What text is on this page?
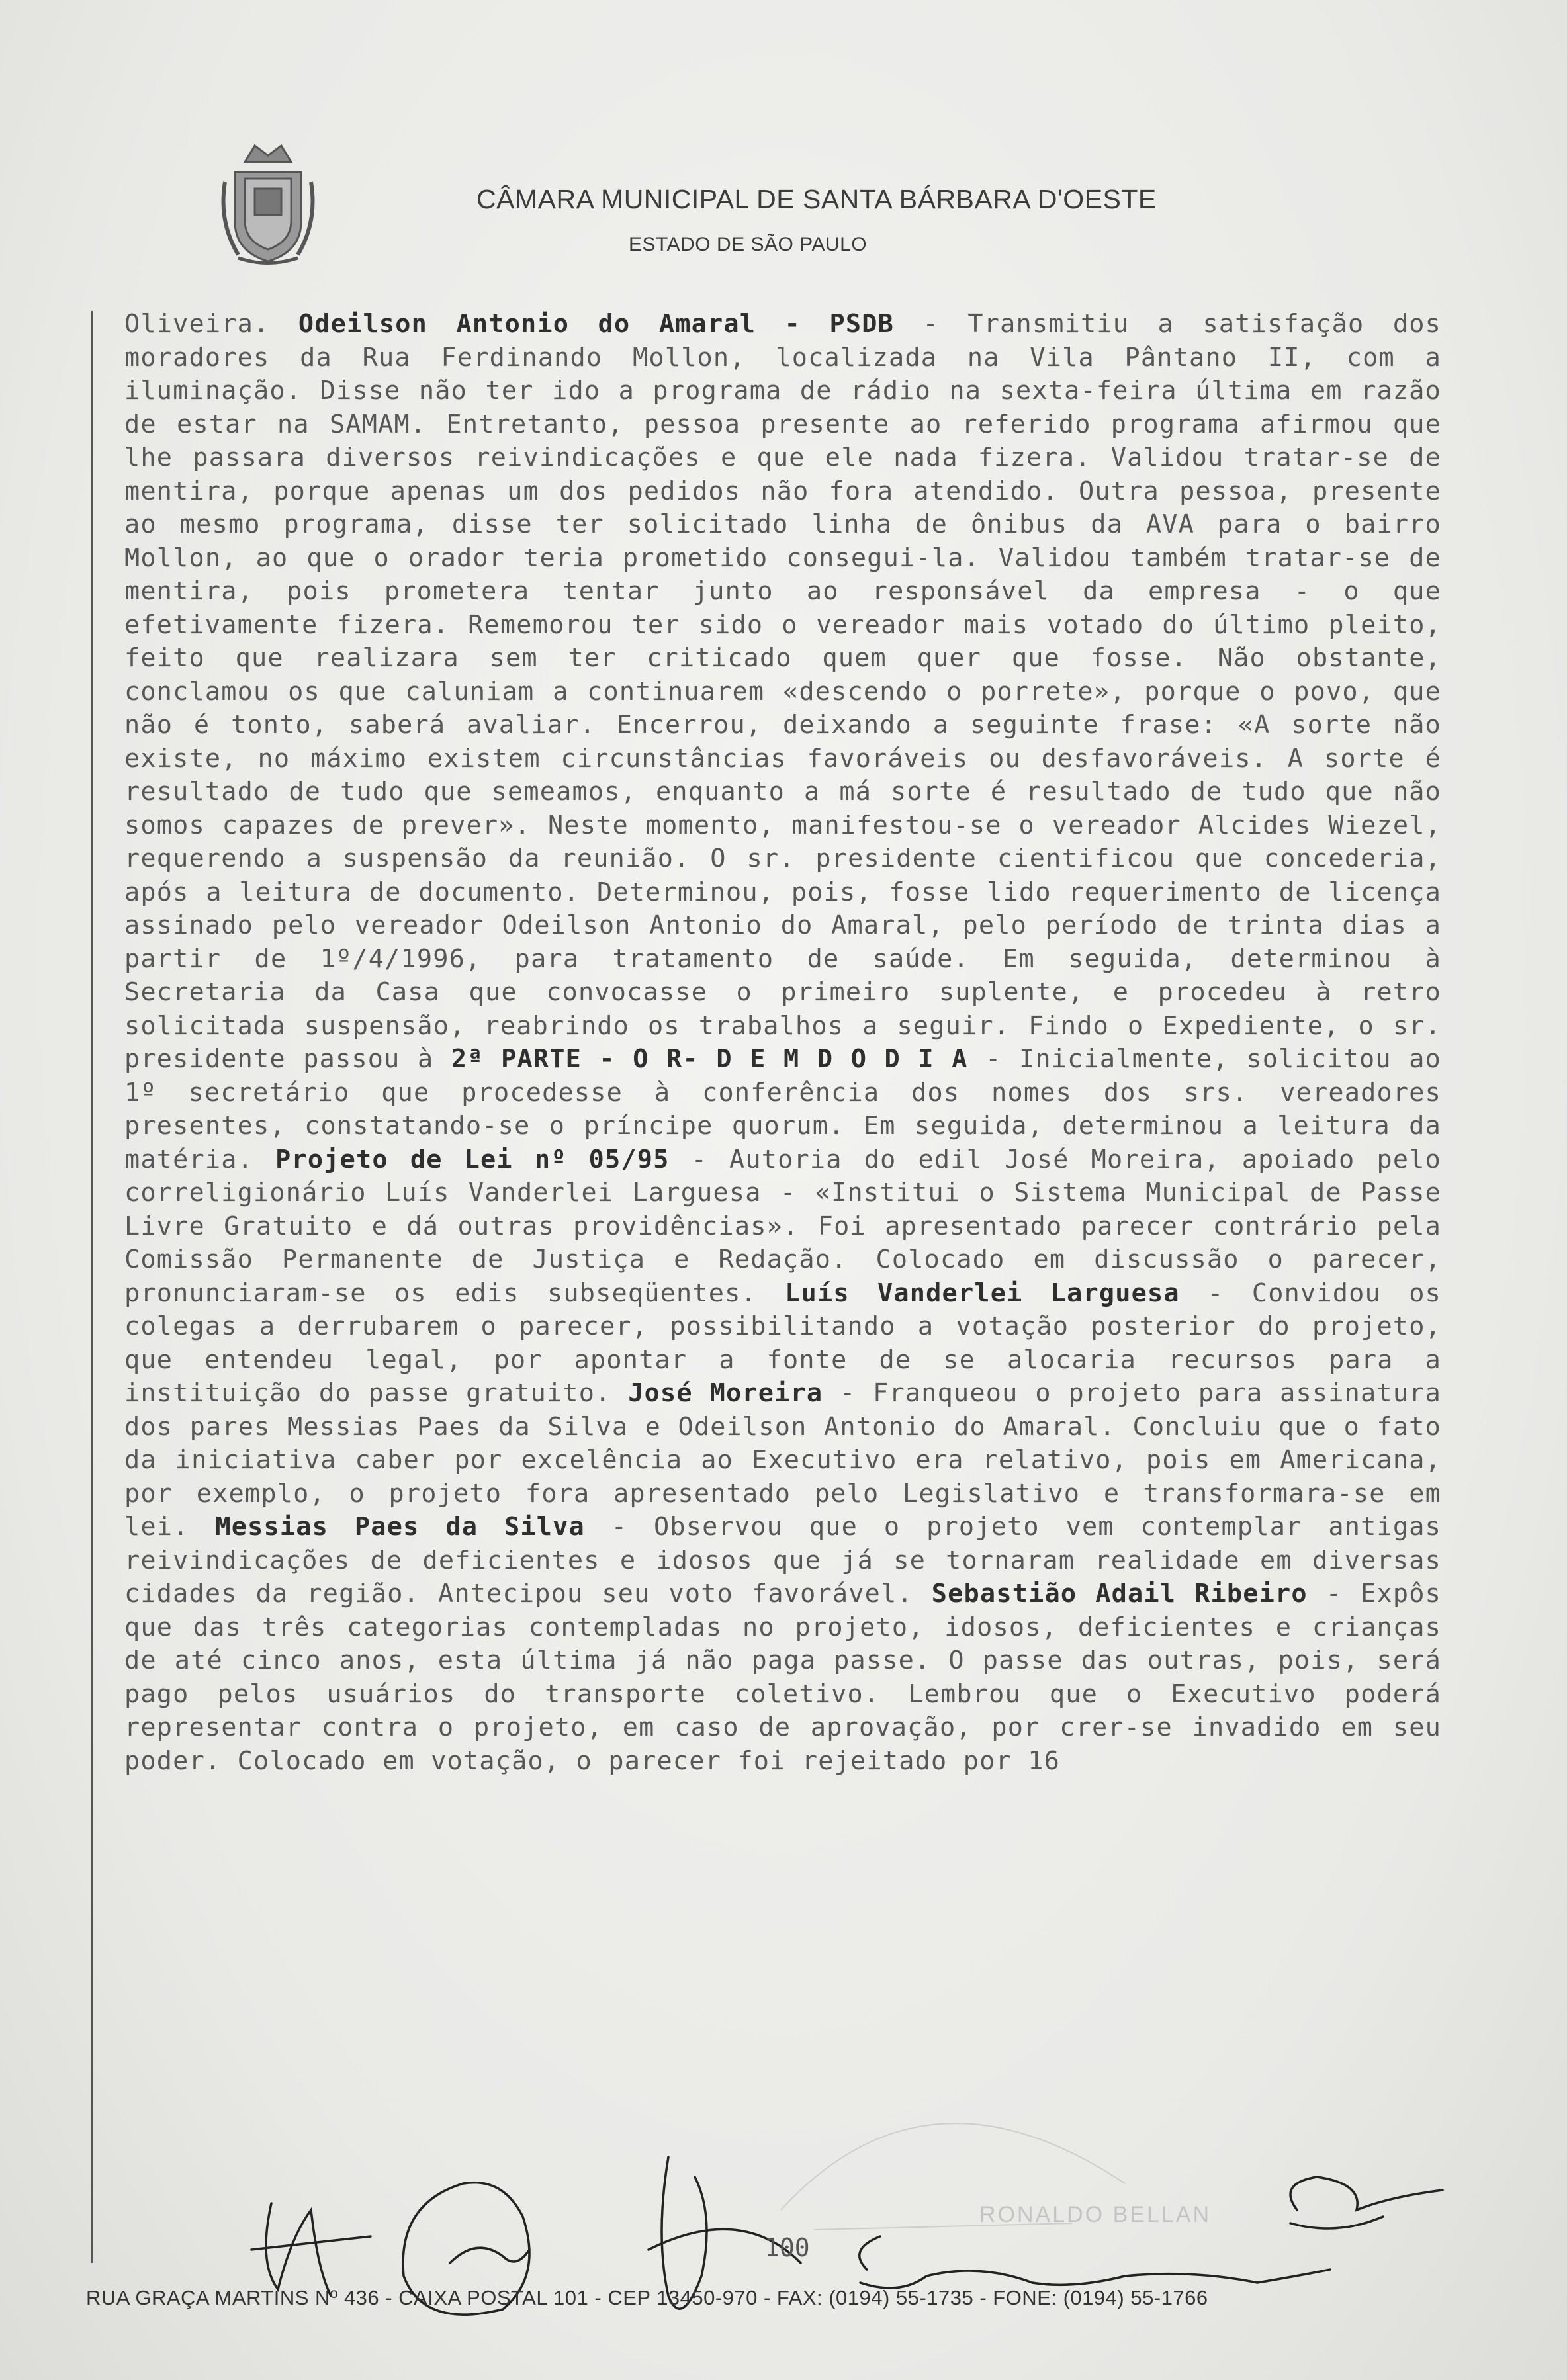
CÂMARA MUNICIPAL DE SANTA BÁRBARA D'OESTE
ESTADO DE SÃO PAULO
Oliveira. Odeilson Antonio do Amaral - PSDB - Transmitiu a satisfação dos moradores da Rua Ferdinando Mollon, localizada na Vila Pântano II, com a iluminação. Disse não ter ido a programa de rádio na sexta-feira última em razão de estar na SAMAM. Entretanto, pessoa presente ao referido programa afirmou que lhe passara diversos reivindicações e que ele nada fizera. Validou tratar-se de mentira, porque apenas um dos pedidos não fora atendido. Outra pessoa, presente ao mesmo programa, disse ter solicitado linha de ônibus da AVA para o bairro Mollon, ao que o orador teria prometido consegui-la. Validou também tratar-se de mentira, pois prometera tentar junto ao responsável da empresa - o que efetivamente fizera. Rememorou ter sido o vereador mais votado do último pleito, feito que realizara sem ter criticado quem quer que fosse. Não obstante, conclamou os que caluniam a continuarem «descendo o porrete», porque o povo, que não é tonto, saberá avaliar. Encerrou, deixando a seguinte frase: «A sorte não existe, no máximo existem circunstâncias favoráveis ou desfavoráveis. A sorte é resultado de tudo que semeamos, enquanto a má sorte é resultado de tudo que não somos capazes de prever». Neste momento, manifestou-se o vereador Alcides Wiezel, requerendo a suspensão da reunião. O sr. presidente cientificou que concederia, após a leitura de documento. Determinou, pois, fosse lido requerimento de licença assinado pelo vereador Odeilson Antonio do Amaral, pelo período de trinta dias a partir de 1º/4/1996, para tratamento de saúde. Em seguida, determinou à Secretaria da Casa que convocasse o primeiro suplente, e procedeu à retro solicitada suspensão, reabrindo os trabalhos a seguir. Findo o Expediente, o sr. presidente passou à 2ª PARTE - O R- D E M D O D I A - Inicialmente, solicitou ao 1º secretário que procedesse à conferência dos nomes dos srs. vereadores presentes, constatando-se o príncipe quorum. Em seguida, determinou a leitura da matéria. Projeto de Lei nº 05/95 - Autoria do edil José Moreira, apoiado pelo correligionário Luís Vanderlei Larguesa - «Institui o Sistema Municipal de Passe Livre Gratuito e dá outras providências». Foi apresentado parecer contrário pela Comissão Permanente de Justiça e Redação. Colocado em discussão o parecer, pronunciaram-se os edis subseqüentes. Luís Vanderlei Larguesa - Convidou os colegas a derrubarem o parecer, possibilitando a votação posterior do projeto, que entendeu legal, por apontar a fonte de se alocaria recursos para a instituição do passe gratuito. José Moreira - Franqueou o projeto para assinatura dos pares Messias Paes da Silva e Odeilson Antonio do Amaral. Concluiu que o fato da iniciativa caber por excelência ao Executivo era relativo, pois em Americana, por exemplo, o projeto fora apresentado pelo Legislativo e transformara-se em lei. Messias Paes da Silva - Observou que o projeto vem contemplar antigas reivindicações de deficientes e idosos que já se tornaram realidade em diversas cidades da região. Antecipou seu voto favorável. Sebastião Adail Ribeiro - Expôs que das três categorias contempladas no projeto, idosos, deficientes e crianças de até cinco anos, esta última já não paga passe. O passe das outras, pois, será pago pelos usuários do transporte coletivo. Lembrou que o Executivo poderá representar contra o projeto, em caso de aprovação, por crer-se invadido em seu poder. Colocado em votação, o parecer foi rejeitado por 16
100
RONALDO BELLAN
RUA GRAÇA MARTINS Nº 436 - CAIXA POSTAL 101 - CEP 13450-970 - FAX: (0194) 55-1735 - FONE: (0194) 55-1766
